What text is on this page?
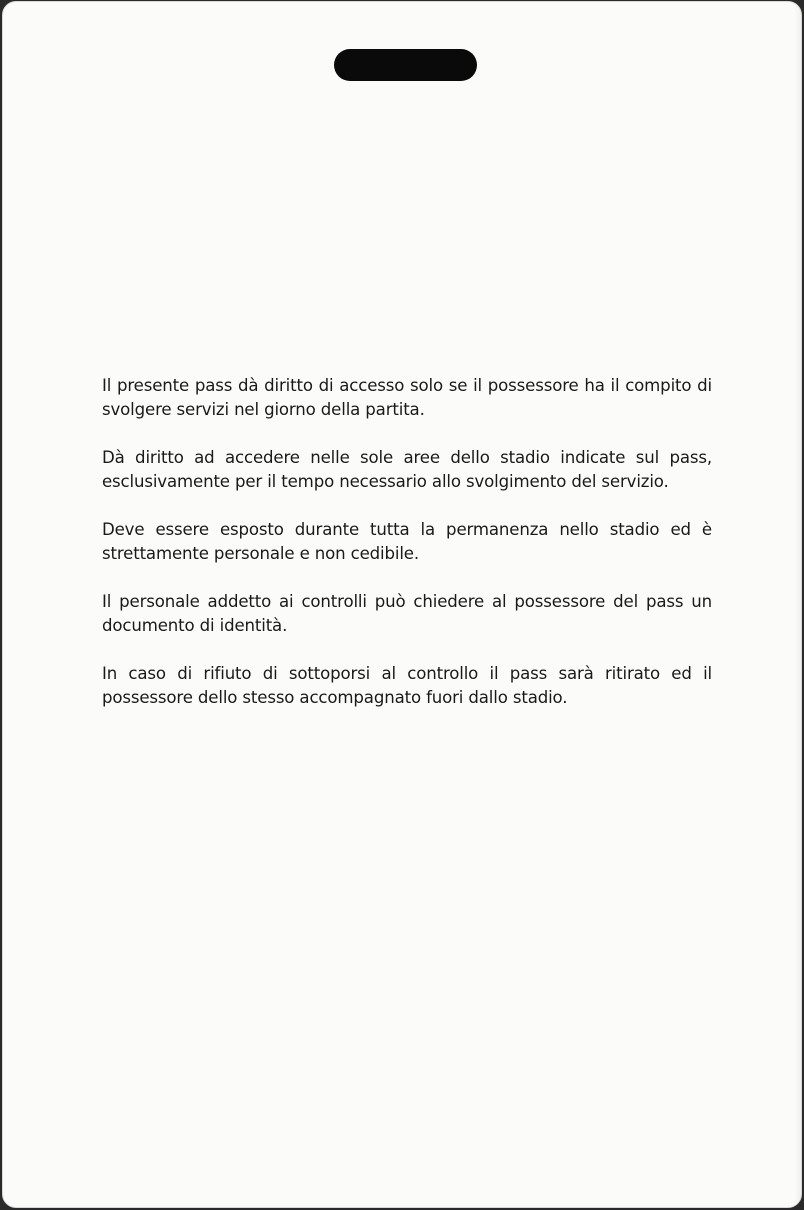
Il presente pass dà diritto di accesso solo se il possessore ha il compito di svolgere servizi nel giorno della partita.

Dà diritto ad accedere nelle sole aree dello stadio indicate sul pass, esclusivamente per il tempo necessario allo svolgimento del servizio.

Deve essere esposto durante tutta la permanenza nello stadio ed è strettamente personale e non cedibile.

Il personale addetto ai controlli può chiedere al possessore del pass un documento di identità.

In caso di rifiuto di sottoporsi al controllo il pass sarà ritirato ed il possessore dello stesso accompagnato fuori dallo stadio.
